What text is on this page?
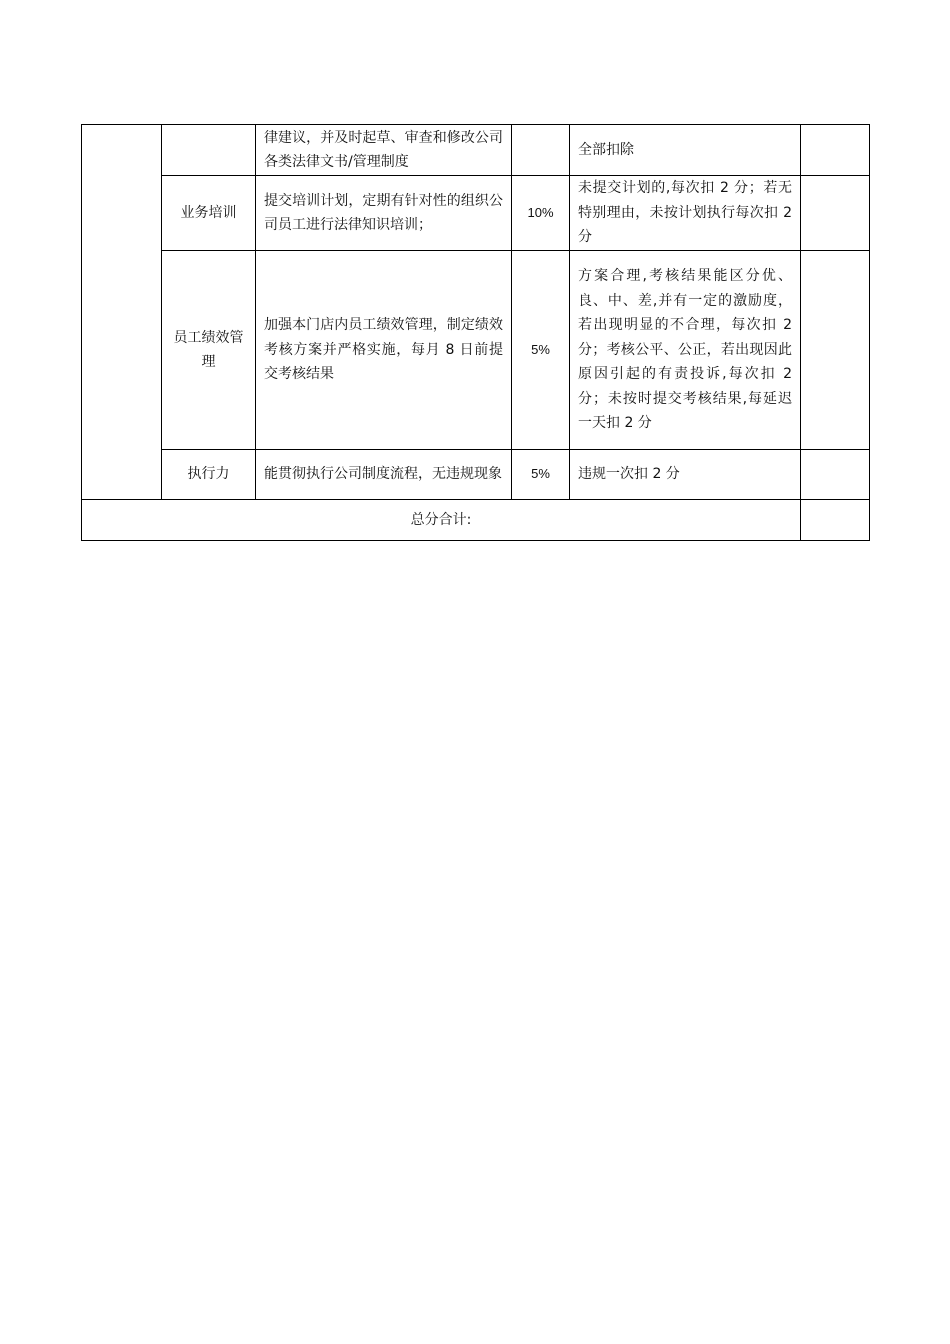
		律建议，并及时起草、审查和修改公司各类法律文书/管理制度		全部扣除	
	业务培训	提交培训计划，定期有针对性的组织公司员工进行法律知识培训；	10%	未提交计划的,每次扣 2 分；若无特别理由，未按计划执行每次扣 2 分	
	员工绩效管理	加强本门店内员工绩效管理，制定绩效考核方案并严格实施，每月 8 日前提交考核结果	5%	方案合理,考核结果能区分优、良、中、差,并有一定的激励度，若出现明显的不合理，每次扣 2 分；考核公平、公正，若出现因此原因引起的有责投诉,每次扣 2 分；未按时提交考核结果,每延迟一天扣 2 分	
	执行力	能贯彻执行公司制度流程，无违规现象	5%	违规一次扣 2 分	
总分合计:					
